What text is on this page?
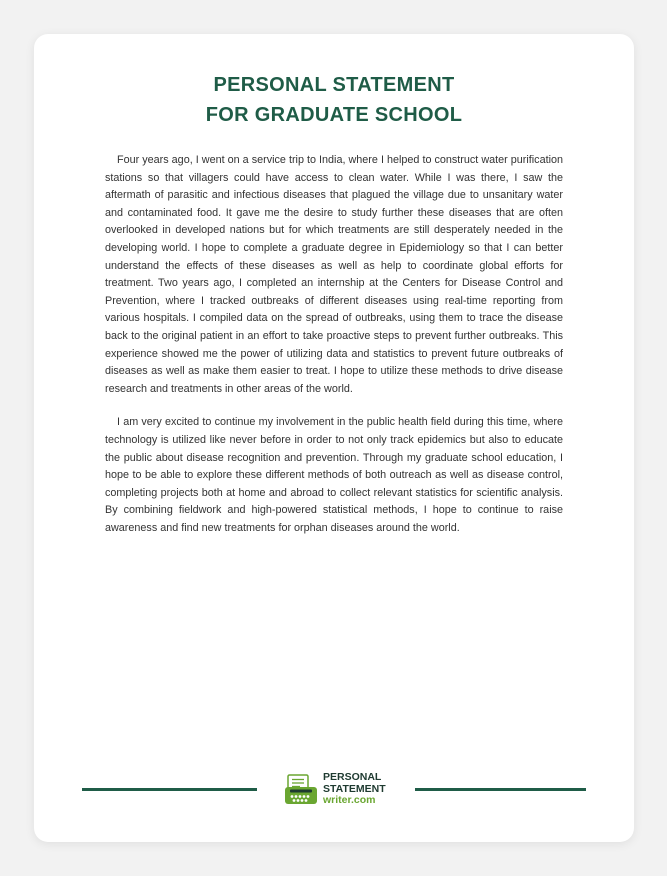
PERSONAL STATEMENT
FOR GRADUATE SCHOOL

Four years ago, I went on a service trip to India, where I helped to construct water purification stations so that villagers could have access to clean water. While I was there, I saw the aftermath of parasitic and infectious diseases that plagued the village due to unsanitary water and contaminated food. It gave me the desire to study further these diseases that are often overlooked in developed nations but for which treatments are still desperately needed in the developing world. I hope to complete a graduate degree in Epidemiology so that I can better understand the effects of these diseases as well as help to coordinate global efforts for treatment. Two years ago, I completed an internship at the Centers for Disease Control and Prevention, where I tracked outbreaks of different diseases using real-time reporting from various hospitals. I compiled data on the spread of outbreaks, using them to trace the disease back to the original patient in an effort to take proactive steps to prevent further outbreaks. This experience showed me the power of utilizing data and statistics to prevent future outbreaks of diseases as well as make them easier to treat. I hope to utilize these methods to drive disease research and treatments in other areas of the world.

I am very excited to continue my involvement in the public health field during this time, where technology is utilized like never before in order to not only track epidemics but also to educate the public about disease recognition and prevention. Through my graduate school education, I hope to be able to explore these different methods of both outreach as well as disease control, completing projects both at home and abroad to collect relevant statistics for scientific analysis. By combining fieldwork and high-powered statistical methods, I hope to continue to raise awareness and find new treatments for orphan diseases around the world.

PERSONAL
STATEMENT
writer.com
